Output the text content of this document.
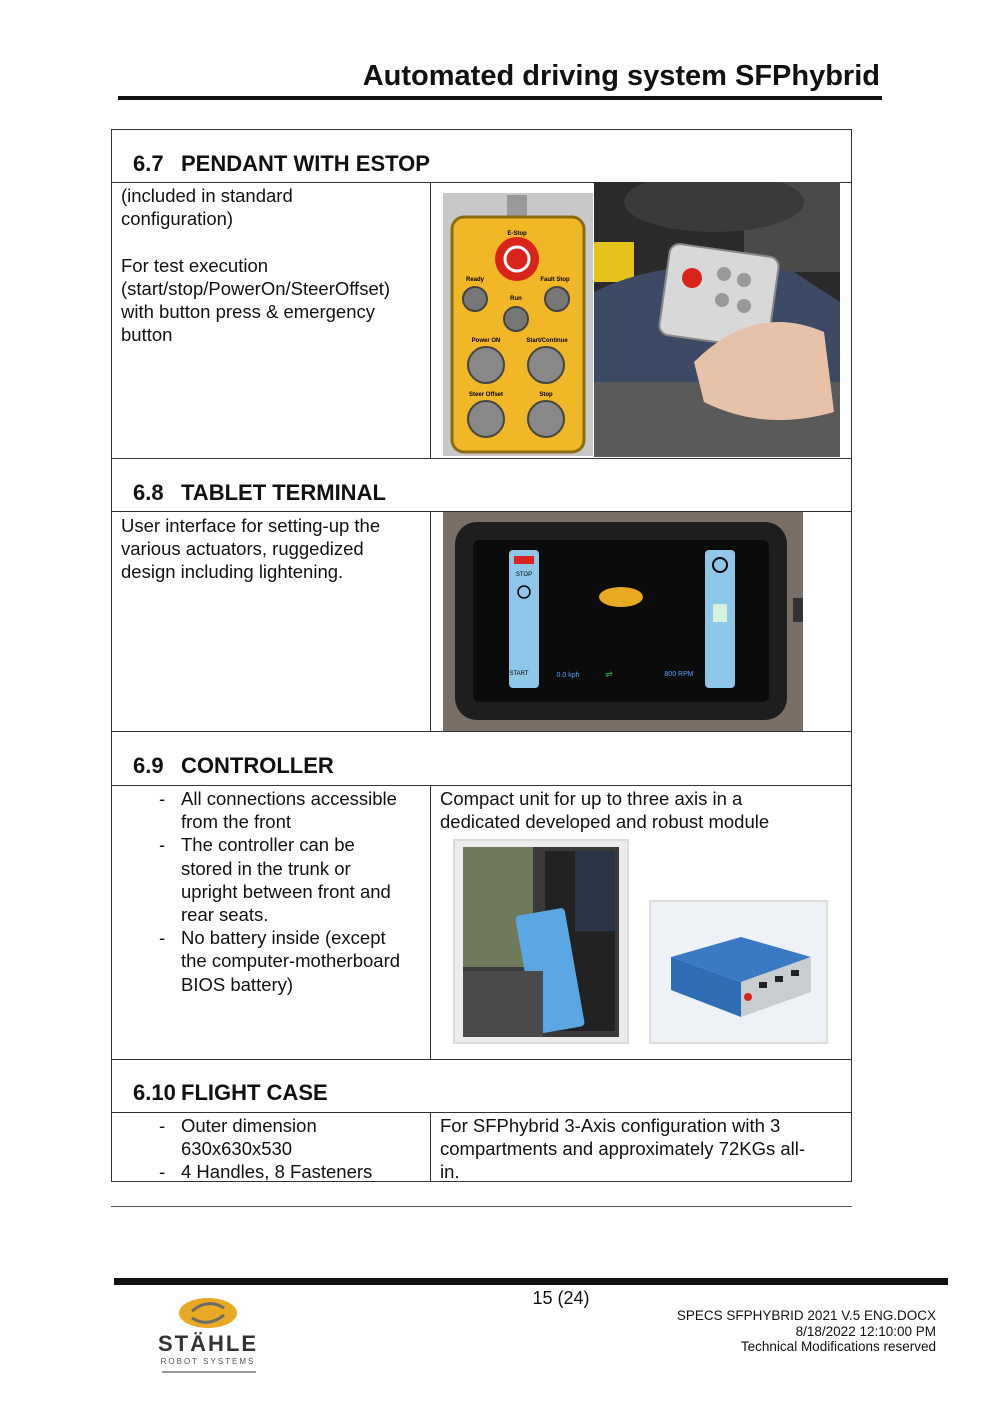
Automated driving system SFPhybrid
6.7 PENDANT WITH ESTOP
(included in standard
configuration)

For test execution
(start/stop/PowerOn/SteerOffset)
with button press & emergency
button
6.8 TABLET TERMINAL
User interface for setting-up the
various actuators, ruggedized
design including lightening.
6.9 CONTROLLER
- All connections accessible
from the front
- The controller can be
stored in the trunk or
upright between front and
rear seats.
- No battery inside (except
the computer-motherboard
BIOS battery)
Compact unit for up to three axis in a
dedicated developed and robust module
6.10 FLIGHT CASE
- Outer dimension
630x630x530
- 4 Handles, 8 Fasteners
For SFPhybrid 3-Axis configuration with 3
compartments and approximately 72KGs all-
in.
E-Stop
Ready	Fault Stop
Run
Power ON	Start/Continue
Steer Offset	Stop
STOP
START	0.0 kph	⇌	800 RPM
15 (24)
SPECS SFPHYBRID 2021 V.5 ENG.DOCX
8/18/2022 12:10:00 PM
Technical Modifications reserved
STÄHLE
ROBOT SYSTEMS
